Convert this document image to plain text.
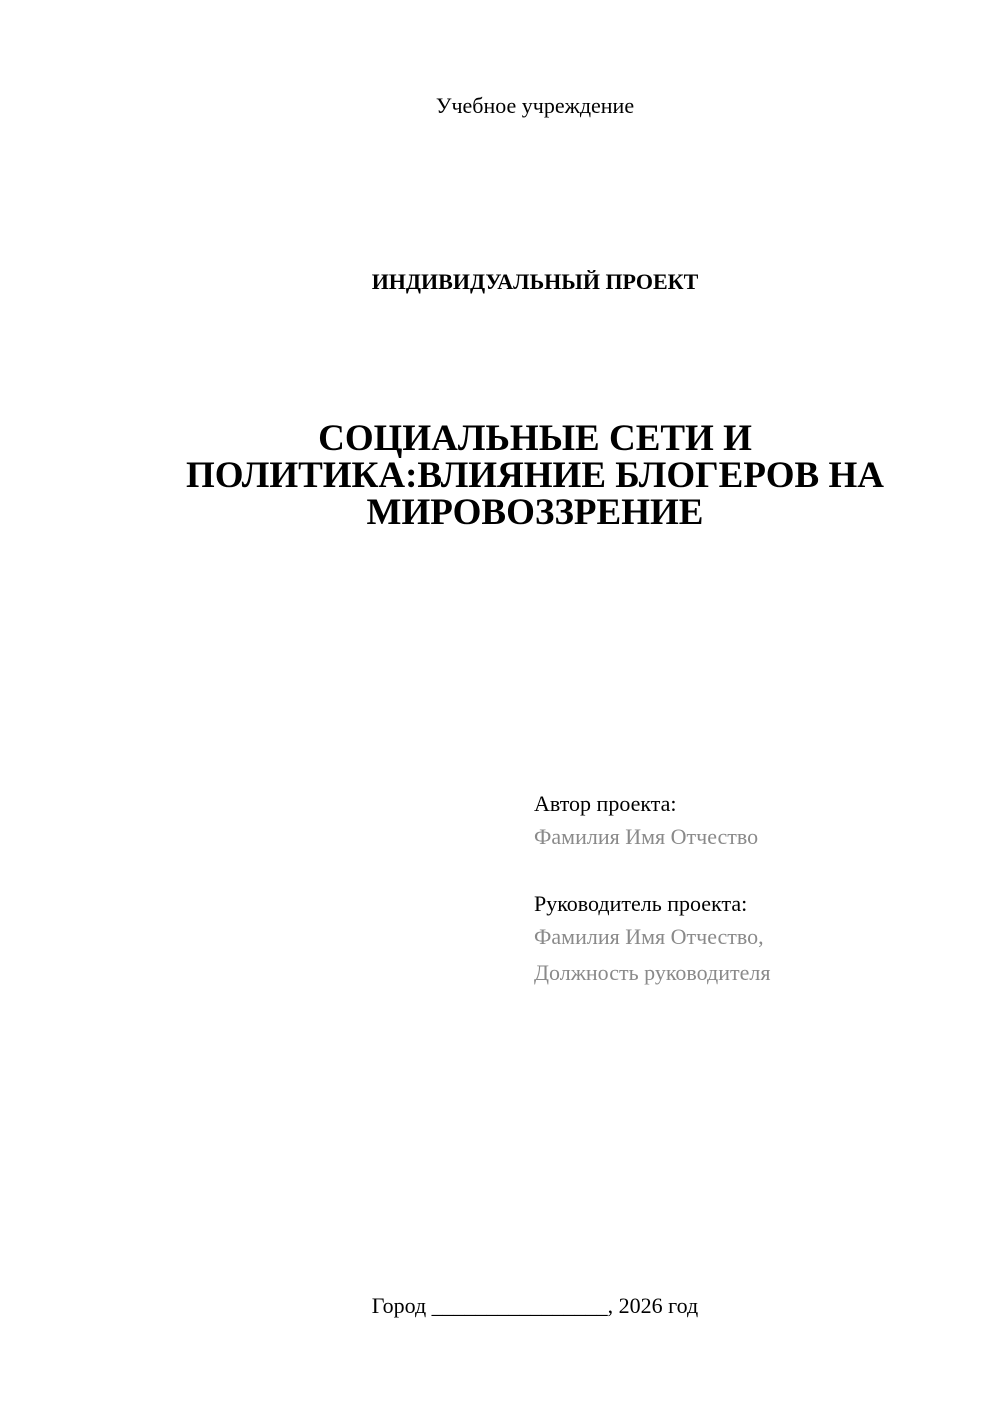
Учебное учреждение
ИНДИВИДУАЛЬНЫЙ ПРОЕКТ
СОЦИАЛЬНЫЕ СЕТИ И
ПОЛИТИКА:ВЛИЯНИЕ БЛОГЕРОВ НА
МИРОВОЗЗРЕНИЕ
Автор проекта:
Фамилия Имя Отчество
Руководитель проекта:
Фамилия Имя Отчество,
Должность руководителя
Город ________________, 2026 год
